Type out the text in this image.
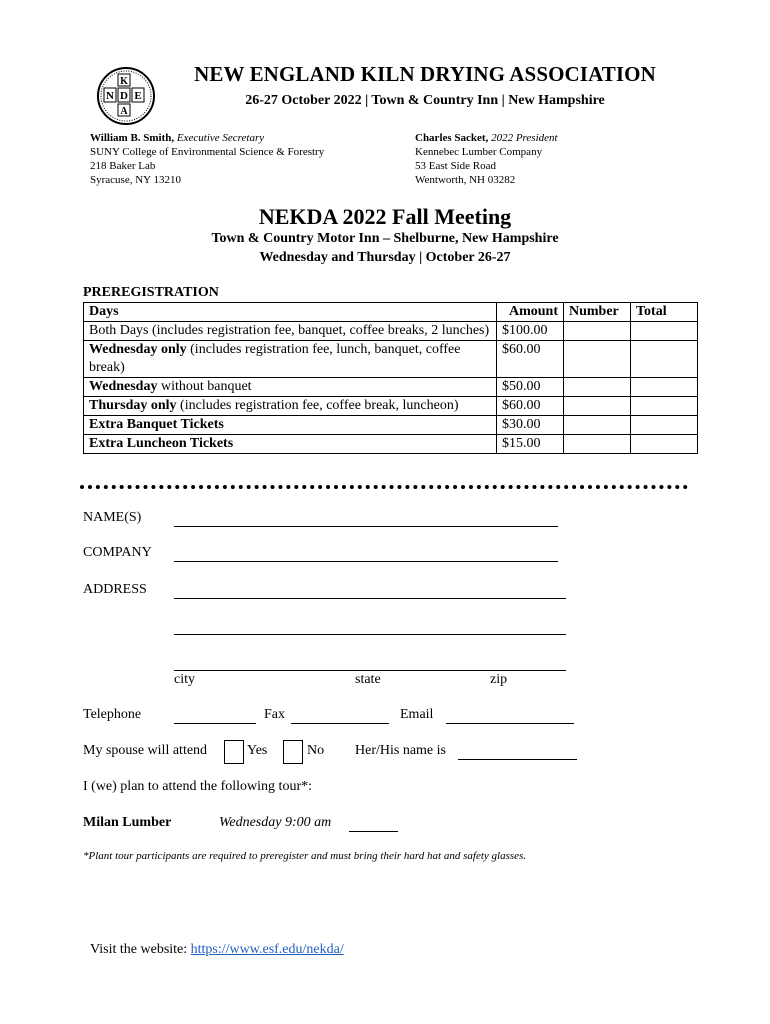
K
N D E
A
NEW ENGLAND KILN DRYING ASSOCIATION
26-27 October 2022 | Town & Country Inn | New Hampshire
William B. Smith, Executive Secretary
SUNY College of Environmental Science & Forestry
218 Baker Lab
Syracuse, NY 13210
Charles Sacket, 2022 President
Kennebec Lumber Company
53 East Side Road
Wentworth, NH 03282
NEKDA 2022 Fall Meeting
Town & Country Motor Inn – Shelburne, New Hampshire
Wednesday and Thursday | October 26-27
PREREGISTRATION
Days	Amount	Number	Total
Both Days (includes registration fee, banquet, coffee breaks, 2 lunches)	$100.00		
Wednesday only (includes registration fee, lunch, banquet, coffee break)	$60.00		
Wednesday without banquet	$50.00		
Thursday only (includes registration fee, coffee break, luncheon)	$60.00		
Extra Banquet Tickets	$30.00		
Extra Luncheon Tickets	$15.00		
NAME(S)
COMPANY
ADDRESS
city	state	zip
Telephone	Fax	Email
My spouse will attend	Yes	No Her/His name is
I (we) plan to attend the following tour*:
Milan Lumber	Wednesday 9:00 am
*Plant tour participants are required to preregister and must bring their hard hat and safety glasses.
Visit the website: https://www.esf.edu/nekda/
